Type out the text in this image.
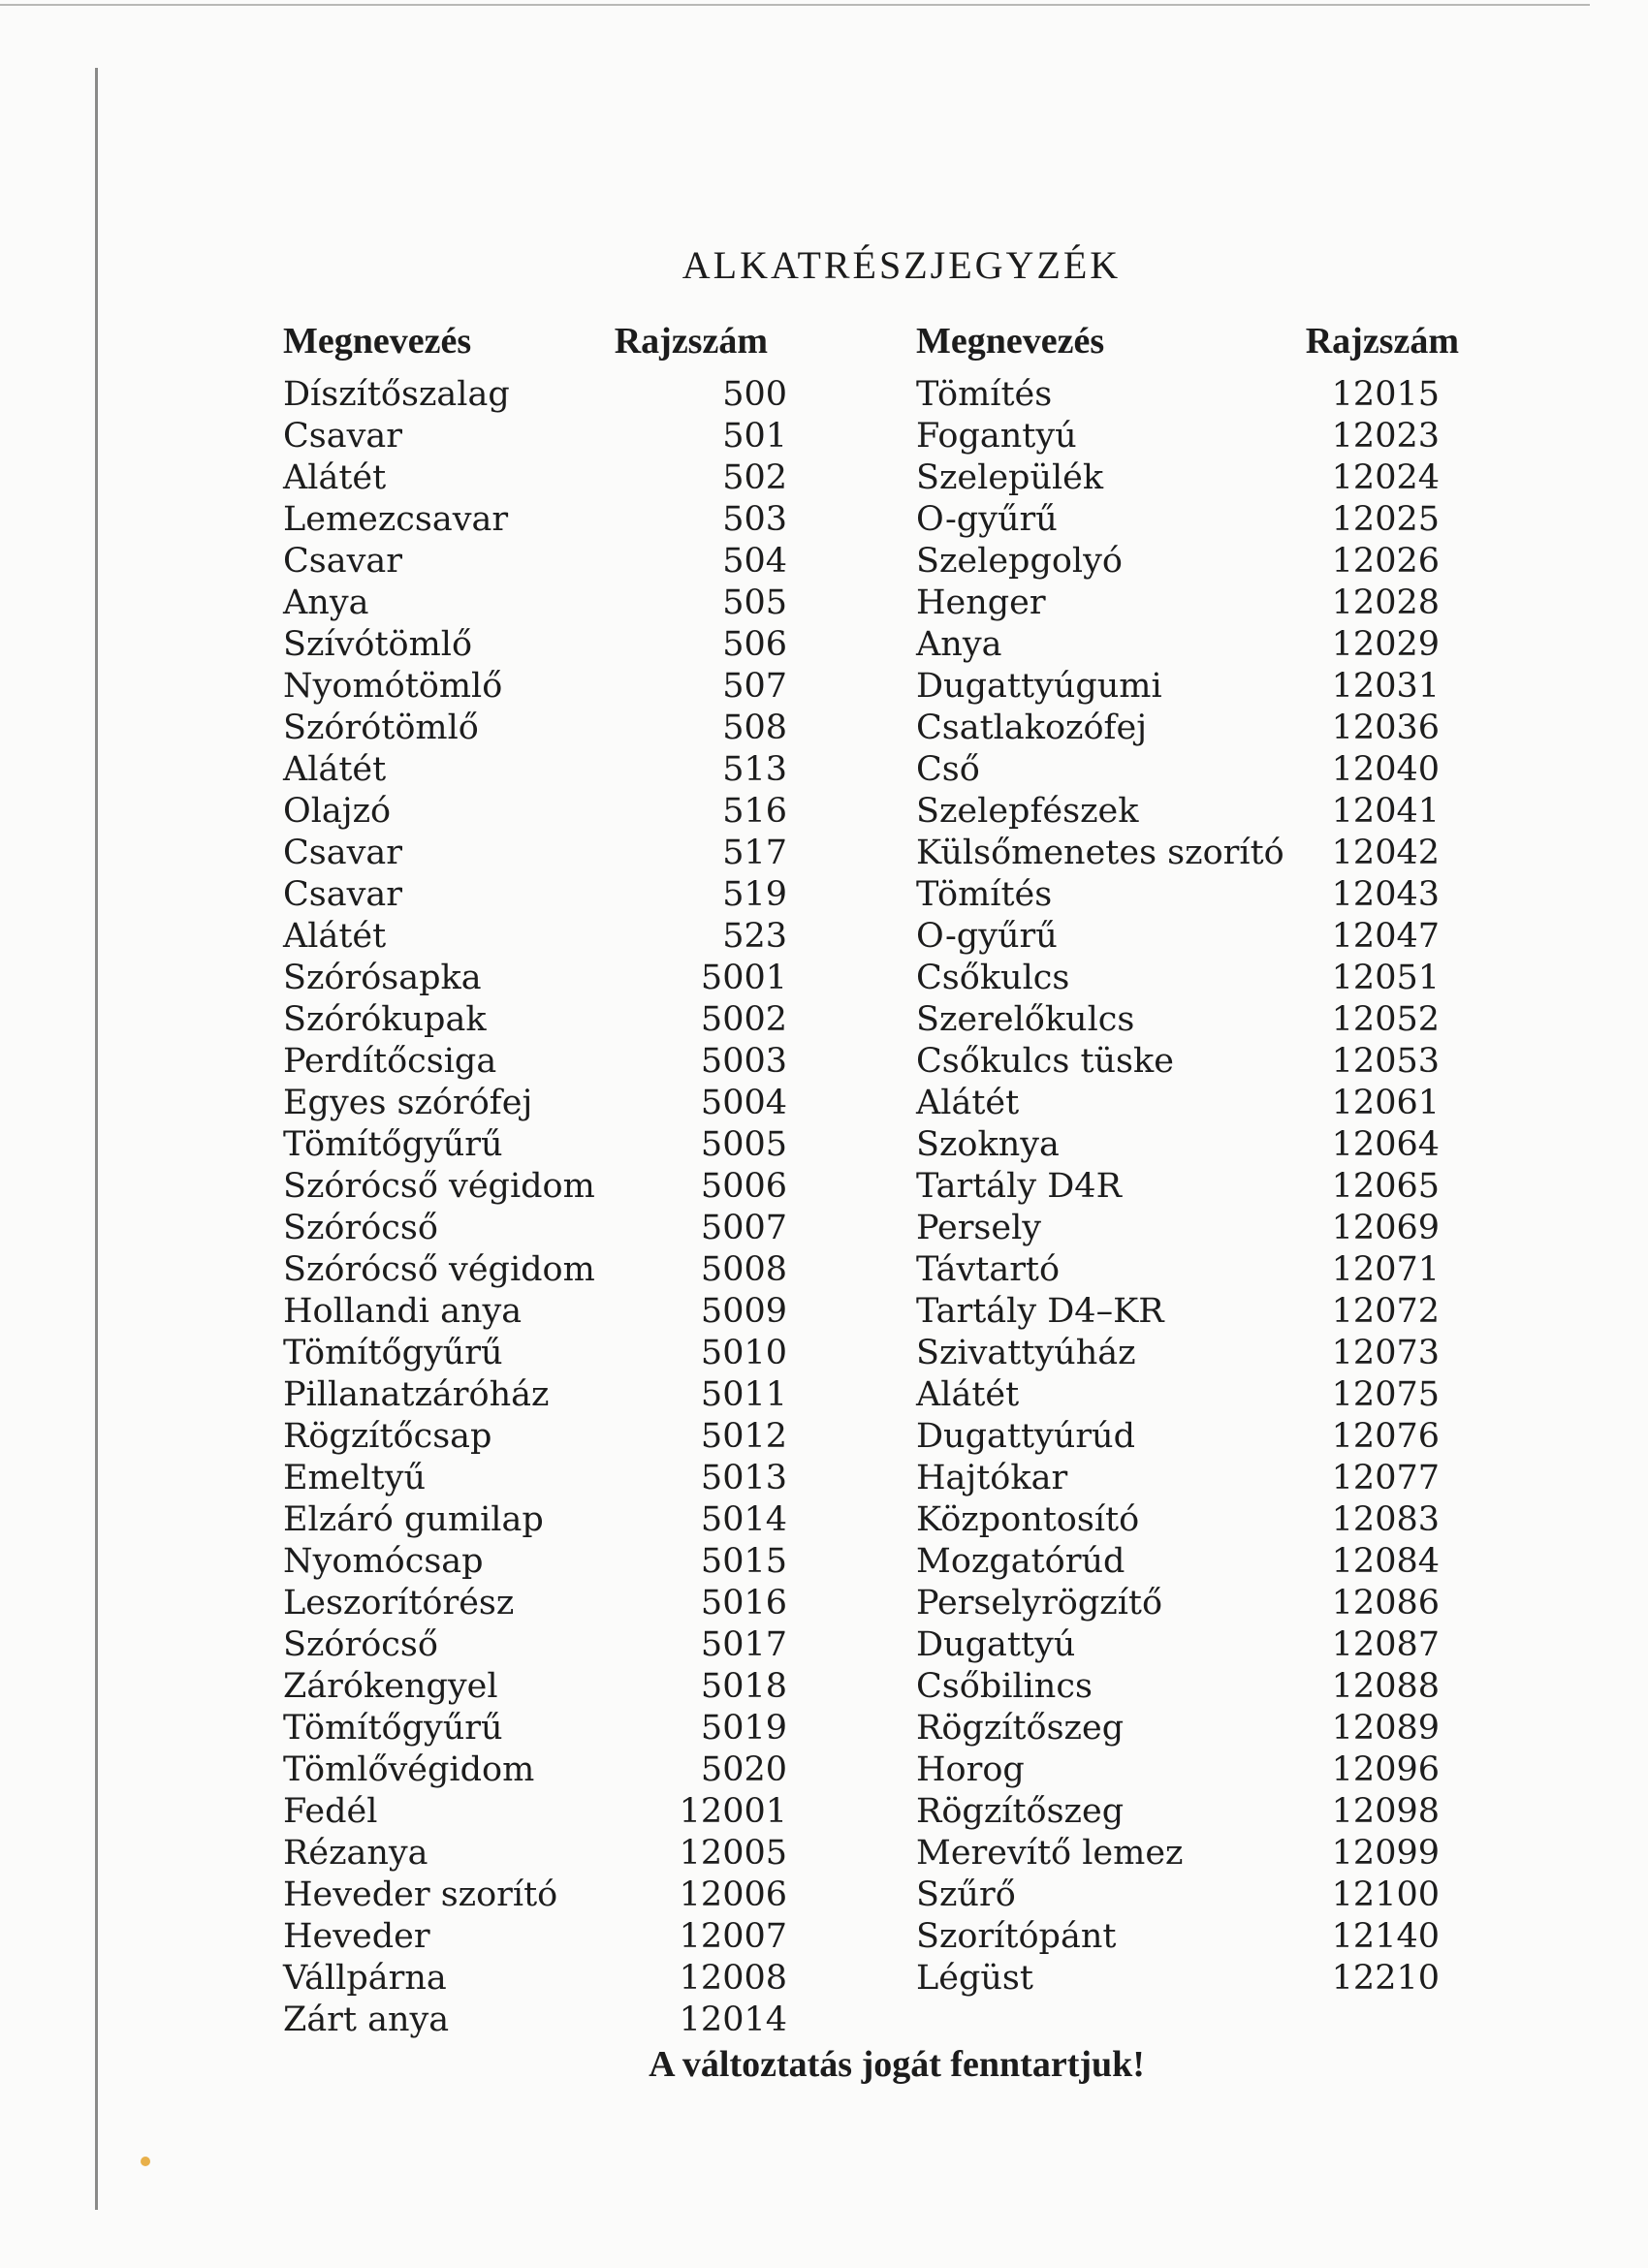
ALKATRÉSZJEGYZÉK
Megnevezés	Rajzszám
Díszítőszalag	500
Csavar	501
Alátét	502
Lemezcsavar	503
Csavar	504
Anya	505
Szívótömlő	506
Nyomótömlő	507
Szórótömlő	508
Alátét	513
Olajzó	516
Csavar	517
Csavar	519
Alátét	523
Szórósapka	5001
Szórókupak	5002
Perdítőcsiga	5003
Egyes szórófej	5004
Tömítőgyűrű	5005
Szórócső végidom	5006
Szórócső	5007
Szórócső végidom	5008
Hollandi anya	5009
Tömítőgyűrű	5010
Pillanatzáróház	5011
Rögzítőcsap	5012
Emeltyű	5013
Elzáró gumilap	5014
Nyomócsap	5015
Leszorítórész	5016
Szórócső	5017
Zárókengyel	5018
Tömítőgyűrű	5019
Tömlővégidom	5020
Fedél	12001
Rézanya	12005
Heveder szorító	12006
Heveder	12007
Vállpárna	12008
Zárt anya	12014
Megnevezés	Rajzszám
Tömítés	12015
Fogantyú	12023
Szelepülék	12024
O-gyűrű	12025
Szelepgolyó	12026
Henger	12028
Anya	12029
Dugattyúgumi	12031
Csatlakozófej	12036
Cső	12040
Szelepfészek	12041
Külsőmenetes szorító	12042
Tömítés	12043
O-gyűrű	12047
Csőkulcs	12051
Szerelőkulcs	12052
Csőkulcs tüske	12053
Alátét	12061
Szoknya	12064
Tartály D4R	12065
Persely	12069
Távtartó	12071
Tartály D4–KR	12072
Szivattyúház	12073
Alátét	12075
Dugattyúrúd	12076
Hajtókar	12077
Központosító	12083
Mozgatórúd	12084
Perselyrögzítő	12086
Dugattyú	12087
Csőbilincs	12088
Rögzítőszeg	12089
Horog	12096
Rögzítőszeg	12098
Merevítő lemez	12099
Szűrő	12100
Szorítópánt	12140
Légüst	12210
A változtatás jogát fenntartjuk!
